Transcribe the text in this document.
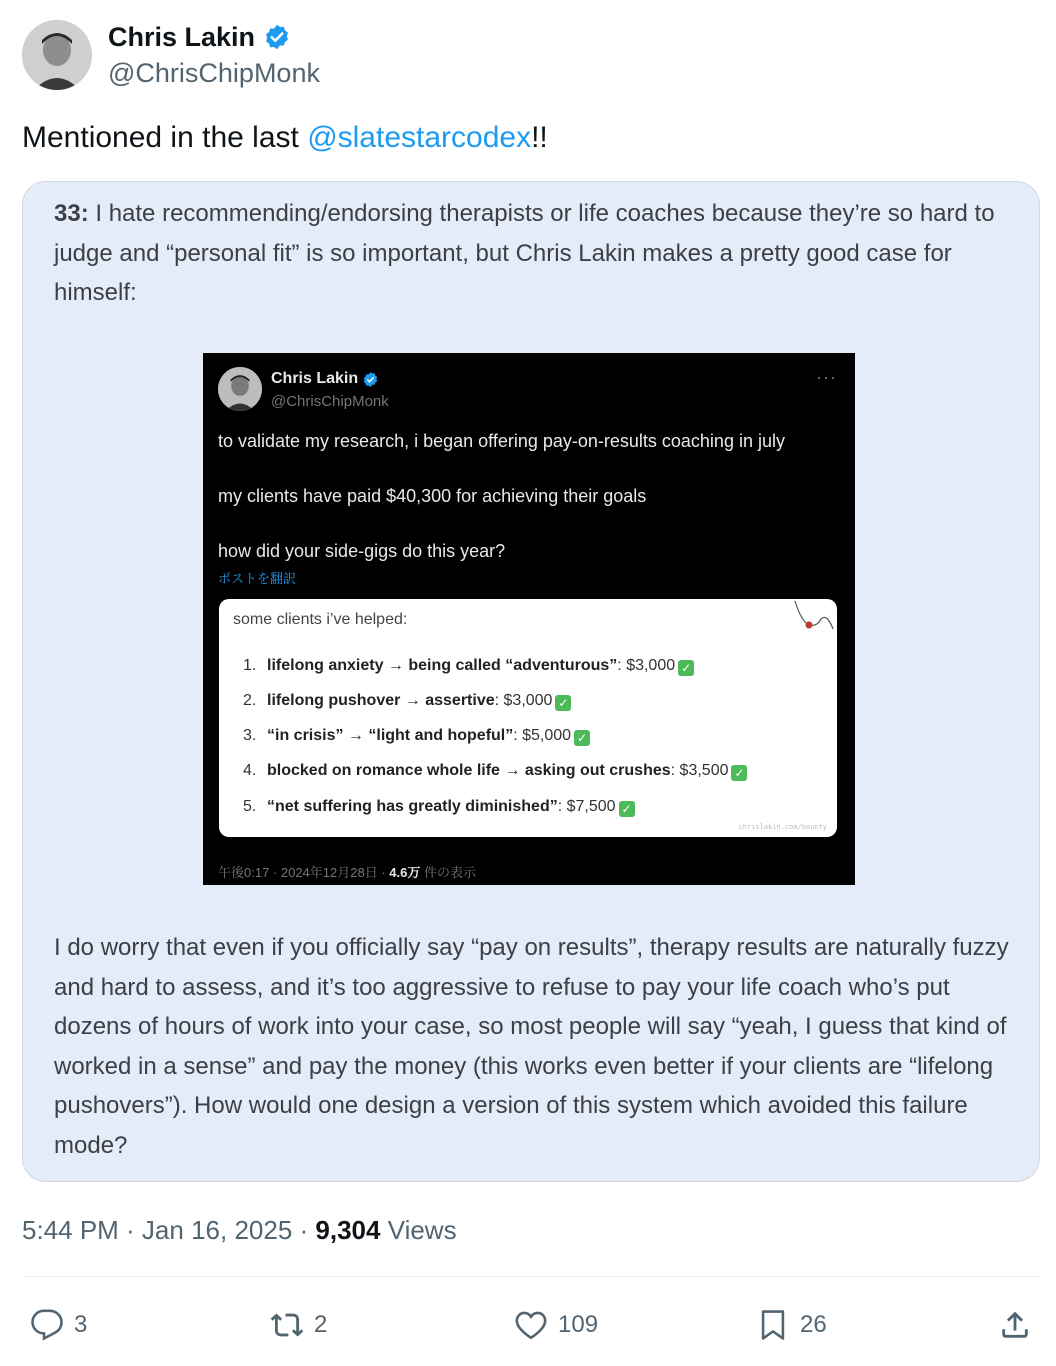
Chris Lakin
@ChrisChipMonk
Mentioned in the last @slatestarcodex!!
33: I hate recommending/endorsing therapists or life coaches because they’re so hard to judge and “personal fit” is so important, but Chris Lakin makes a pretty good case for himself:
Chris Lakin
@ChrisChipMonk
···
to validate my research, i began offering pay-on-results coaching in july
my clients have paid $40,300 for achieving their goals
how did your side-gigs do this year?
ポストを翻訳
some clients i’ve helped:
1. lifelong anxiety → being called “adventurous”: $3,000 ✓
2. lifelong pushover → assertive: $3,000 ✓
3. “in crisis” → “light and hopeful”: $5,000 ✓
4. blocked on romance whole life → asking out crushes: $3,500 ✓
5. “net suffering has greatly diminished”: $7,500 ✓
chrislakin.com/bounty
午後0:17 · 2024年12月28日 · 4.6万 件の表示
I do worry that even if you officially say “pay on results”, therapy results are naturally fuzzy and hard to assess, and it’s too aggressive to refuse to pay your life coach who’s put dozens of hours of work into your case, so most people will say “yeah, I guess that kind of worked in a sense” and pay the money (this works even better if your clients are “lifelong pushovers”). How would one design a version of this system which avoided this failure mode?
5:44 PM · Jan 16, 2025 · 9,304 Views
3	2	109	26
